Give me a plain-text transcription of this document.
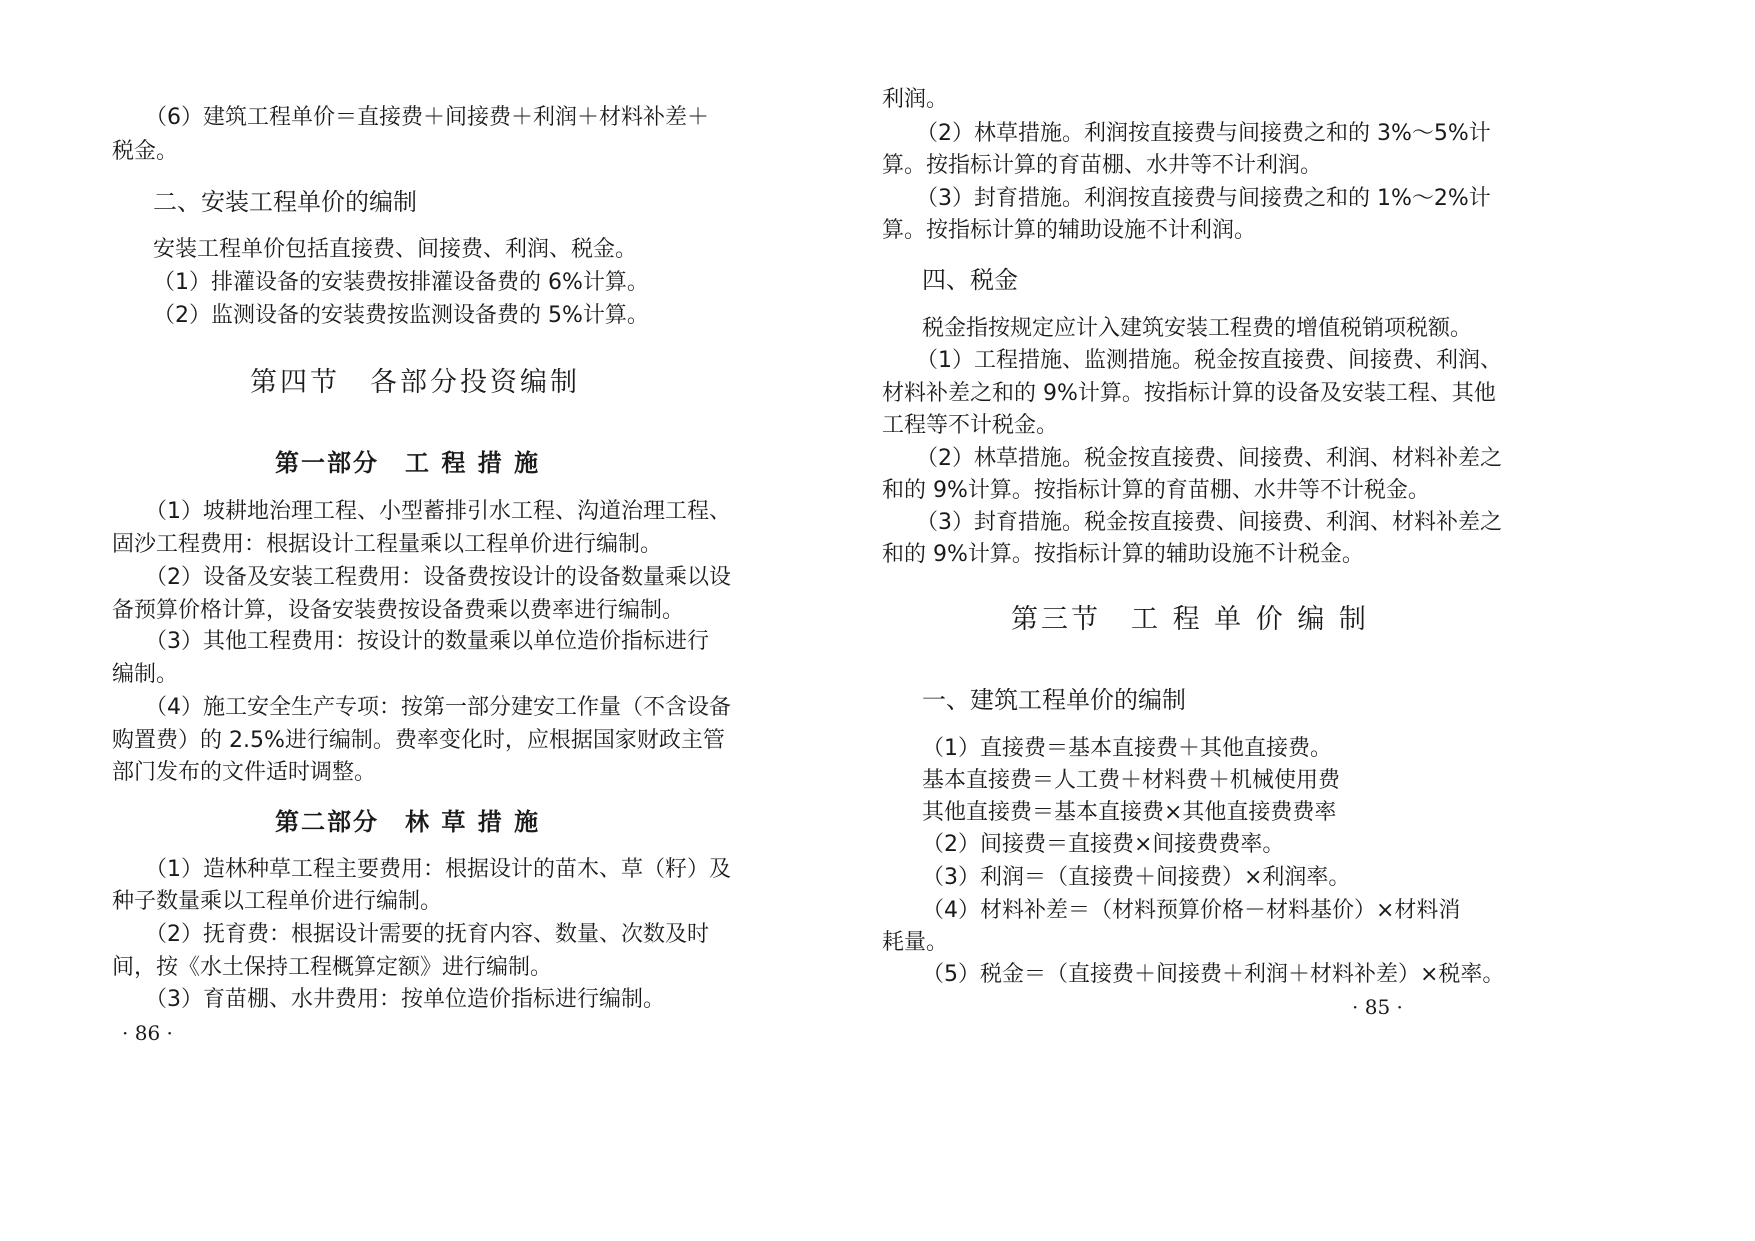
（6）建筑工程单价＝直接费＋间接费＋利润＋材料补差＋
税金。
二、安装工程单价的编制
安装工程单价包括直接费、间接费、利润、税金。
（1）排灌设备的安装费按排灌设备费的 6%计算。
（2）监测设备的安装费按监测设备费的 5%计算。
第四节　各部分投资编制
第一部分　工 程 措 施
（1）坡耕地治理工程、小型蓄排引水工程、沟道治理工程、
固沙工程费用：根据设计工程量乘以工程单价进行编制。
（2）设备及安装工程费用：设备费按设计的设备数量乘以设
备预算价格计算，设备安装费按设备费乘以费率进行编制。
（3）其他工程费用：按设计的数量乘以单位造价指标进行
编制。
（4）施工安全生产专项：按第一部分建安工作量（不含设备
购置费）的 2.5%进行编制。费率变化时，应根据国家财政主管
部门发布的文件适时调整。
第二部分　林 草 措 施
（1）造林种草工程主要费用：根据设计的苗木、草（籽）及
种子数量乘以工程单价进行编制。
（2）抚育费：根据设计需要的抚育内容、数量、次数及时
间，按《水土保持工程概算定额》进行编制。
（3）育苗棚、水井费用：按单位造价指标进行编制。
· 86 ·
利润。
（2）林草措施。利润按直接费与间接费之和的 3%～5%计
算。按指标计算的育苗棚、水井等不计利润。
（3）封育措施。利润按直接费与间接费之和的 1%～2%计
算。按指标计算的辅助设施不计利润。
四、税金
税金指按规定应计入建筑安装工程费的增值税销项税额。
（1）工程措施、监测措施。税金按直接费、间接费、利润、
材料补差之和的 9%计算。按指标计算的设备及安装工程、其他
工程等不计税金。
（2）林草措施。税金按直接费、间接费、利润、材料补差之
和的 9%计算。按指标计算的育苗棚、水井等不计税金。
（3）封育措施。税金按直接费、间接费、利润、材料补差之
和的 9%计算。按指标计算的辅助设施不计税金。
第三节　工 程 单 价 编 制
一、建筑工程单价的编制
（1）直接费＝基本直接费＋其他直接费。
基本直接费＝人工费＋材料费＋机械使用费
其他直接费＝基本直接费×其他直接费费率
（2）间接费＝直接费×间接费费率。
（3）利润＝（直接费＋间接费）×利润率。
（4）材料补差＝（材料预算价格－材料基价）×材料消
耗量。
（5）税金＝（直接费＋间接费＋利润＋材料补差）×税率。
· 85 ·
